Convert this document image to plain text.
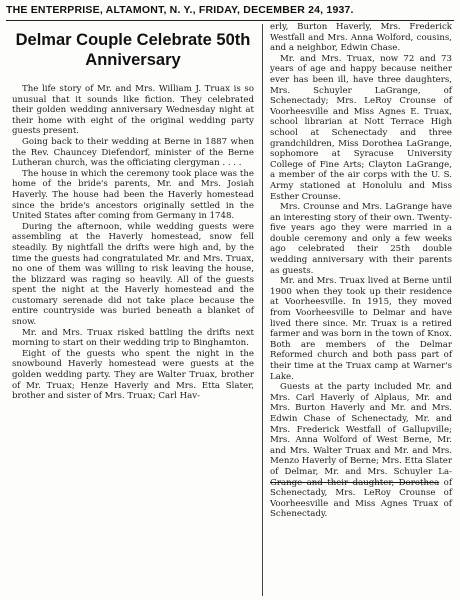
THE ENTERPRISE, ALTAMONT, N. Y., FRIDAY, DECEMBER 24, 1937.
Delmar Couple Celebrate 50th
Anniversary

The life story of Mr. and Mrs. William J. Truax is so unusual that it sounds like fiction. They celebrated their golden wedding anniversary Wednesday night at their home with eight of the original wedding party guests present.

Going back to their wedding at Berne in 1887 when the Rev. Chauncey Diefendorf, minister of the Berne Lutheran church, was the officiating clergyman . . . .

The house in which the ceremony took place was the home of the bride's parents, Mr. and Mrs. Josiah Haverly. The house had been the Haverly homestead since the bride's ancestors originally settled in the United States after coming from Germany in 1748.

During the afternoon, while wedding guests were assembling at the Haverly homestead, snow fell steadily. By nightfall the drifts were high and, by the time the guests had congratulated Mr. and Mrs. Truax, no one of them was willing to risk leaving the house, the blizzard was raging so heavily. All of the guests spent the night at the Haverly homestead and the customary serenade did not take place because the entire countryside was buried beneath a blanket of snow.

Mr. and Mrs. Truax risked battling the drifts next morning to start on their wedding trip to Binghamton.

Eight of the guests who spent the night in the snowbound Haverly homestead were guests at the golden wedding party. They are Walter Truax, brother of Mr. Truax; Henze Haverly and Mrs. Etta Slater, brother and sister of Mrs. Truax; Carl Hav-

erly, Burton Haverly, Mrs. Frederick Westfall and Mrs. Anna Wolford, cousins, and a neighbor, Edwin Chase.

Mr. and Mrs. Truax, now 72 and 73 years of age and happy because neither ever has been ill, have three daughters, Mrs. Schuyler LaGrange, of Schenectady; Mrs. LeRoy Crounse of Voorheesville and Miss Agnes E. Truax, school librarian at Nott Terrace High school at Schenectady and three grandchildren, Miss Dorothea LaGrange, sophomore at Syracuse University College of Fine Arts; Clayton LaGrange, a member of the air corps with the U. S. Army stationed at Honolulu and Miss Esther Crounse.

Mrs. Crounse and Mrs. LaGrange have an interesting story of their own. Twenty-five years ago they were married in a double ceremony and only a few weeks ago celebrated their 25th double wedding anniversary with their parents as guests.

Mr. and Mrs. Truax lived at Berne until 1900 when they took up their residence at Voorheesville. In 1915, they moved from Voorheesville to Delmar and have lived there since. Mr. Truax is a retired farmer and was born in the town of Knox. Both are members of the Delmar Reformed church and both pass part of their time at the Truax camp at Warner's Lake.

Guests at the party included Mr. and Mrs. Carl Haverly of Alplaus, Mr. and Mrs. Burton Haverly and Mr. and Mrs. Edwin Chase of Schenectady, Mr. and Mrs. Frederick Westfall of Gallupville; Mrs. Anna Wolford of West Berne, Mr. and Mrs. Walter Truax and Mr. and Mrs. Menzo Haverly of Berne; Mrs. Etta Slater of Delmar, Mr. and Mrs. Schuyler La- Grange and their daughter, Dorothea of Schenectady, Mrs. LeRoy Crounse of Voorheesville and Miss Agnes Truax of Schenectady.
